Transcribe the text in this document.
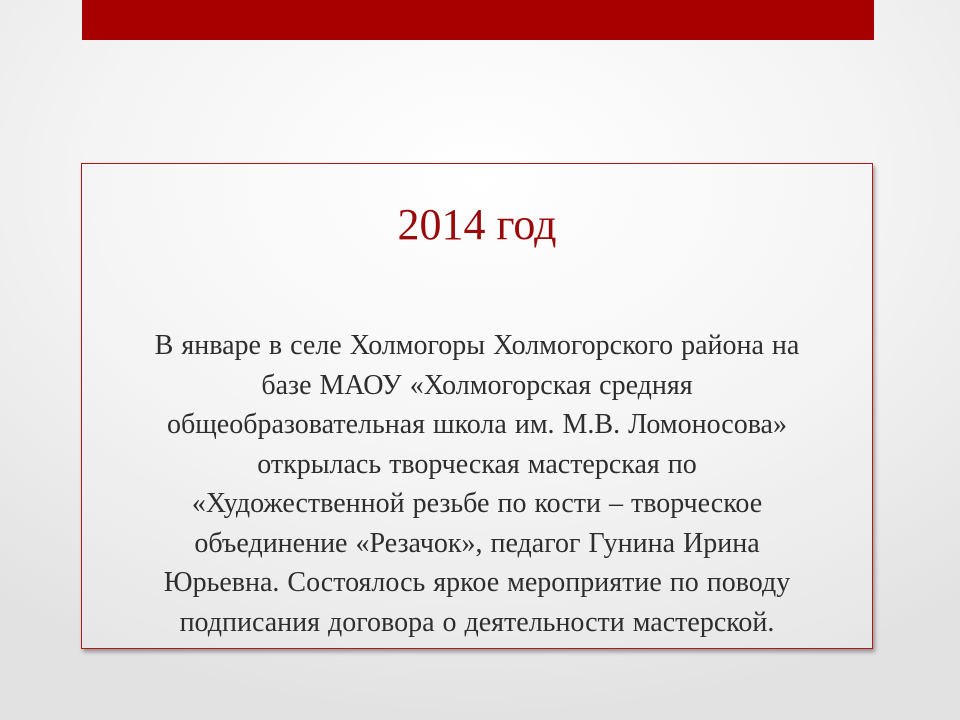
2014 год
В январе в селе Холмогоры Холмогорского района на
базе МАОУ «Холмогорская средняя
общеобразовательная школа им. М.В. Ломоносова»
открылась творческая мастерская по
«Художественной резьбе по кости – творческое
объединение «Резачок», педагог Гунина Ирина
Юрьевна. Состоялось яркое мероприятие по поводу
подписания договора о деятельности мастерской.
